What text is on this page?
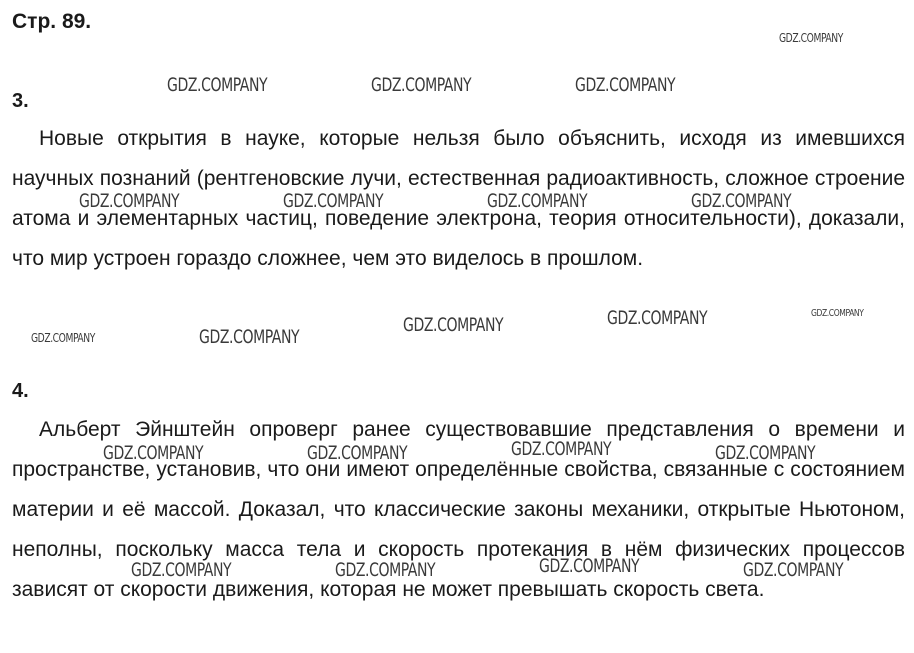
Стр. 89.
3.

Новые открытия в науке, которые нельзя было объяснить, исходя из имевшихся научных познаний (рентгеновские лучи, естественная радиоактивность, сложное строение атома и элементарных частиц, поведение электрона, теория относительности), доказали, что мир устроен гораздо сложнее, чем это виделось в прошлом.

4.

Альберт Эйнштейн опроверг ранее существовавшие представления о времени и пространстве, установив, что они имеют определённые свойства, связанные с состоянием материи и её массой. Доказал, что классические законы механики, открытые Ньютоном, неполны, поскольку масса тела и скорость протекания в нём физических процессов зависят от скорости движения, которая не может превышать скорость света.

GDZ.COMPANY
GDZ.COMPANY	GDZ.COMPANY	GDZ.COMPANY
GDZ.COMPANY	GDZ.COMPANY	GDZ.COMPANY	GDZ.COMPANY
GDZ.COMPANY	GDZ.COMPANY
GDZ.COMPANY	GDZ.COMPANY	GDZ.COMPANY
GDZ.COMPANY	GDZ.COMPANY	GDZ.COMPANY	GDZ.COMPANY
GDZ.COMPANY	GDZ.COMPANY	GDZ.COMPANY	GDZ.COMPANY
